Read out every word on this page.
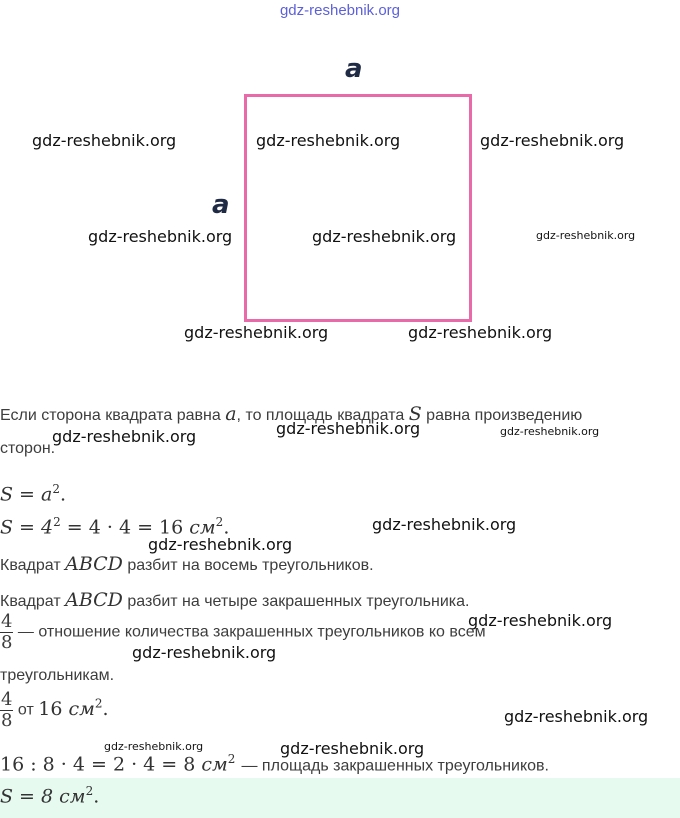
gdz-reshebnik.org
a
a
gdz-reshebnik.org	gdz-reshebnik.org	gdz-reshebnik.org
gdz-reshebnik.org	gdz-reshebnik.org	gdz-reshebnik.org
gdz-reshebnik.org	gdz-reshebnik.org
gdz-reshebnik.org	gdz-reshebnik.org	gdz-reshebnik.org
gdz-reshebnik.org
gdz-reshebnik.org
gdz-reshebnik.org
gdz-reshebnik.org
gdz-reshebnik.org
gdz-reshebnik.org	gdz-reshebnik.org
Если сторона квадрата равна a, то площадь квадрата S равна произведению
сторон.
$S = a^2$.
$S = 4^2 = 4 \cdot 4 = 16$ $см^2$.
Квадрат ABCD разбит на восемь треугольников.
Квадрат ABCD разбит на четыре закрашенных треугольника.
$\frac{4}{8}$ — отношение количества закрашенных треугольников ко всем
треугольникам.
$\frac{4}{8}$ от 16 $см^2$.
16 : 8 · 4 = 2 · 4 = 8 $см^2$ — площадь закрашенных треугольников.
S = 8 $см^2$.
